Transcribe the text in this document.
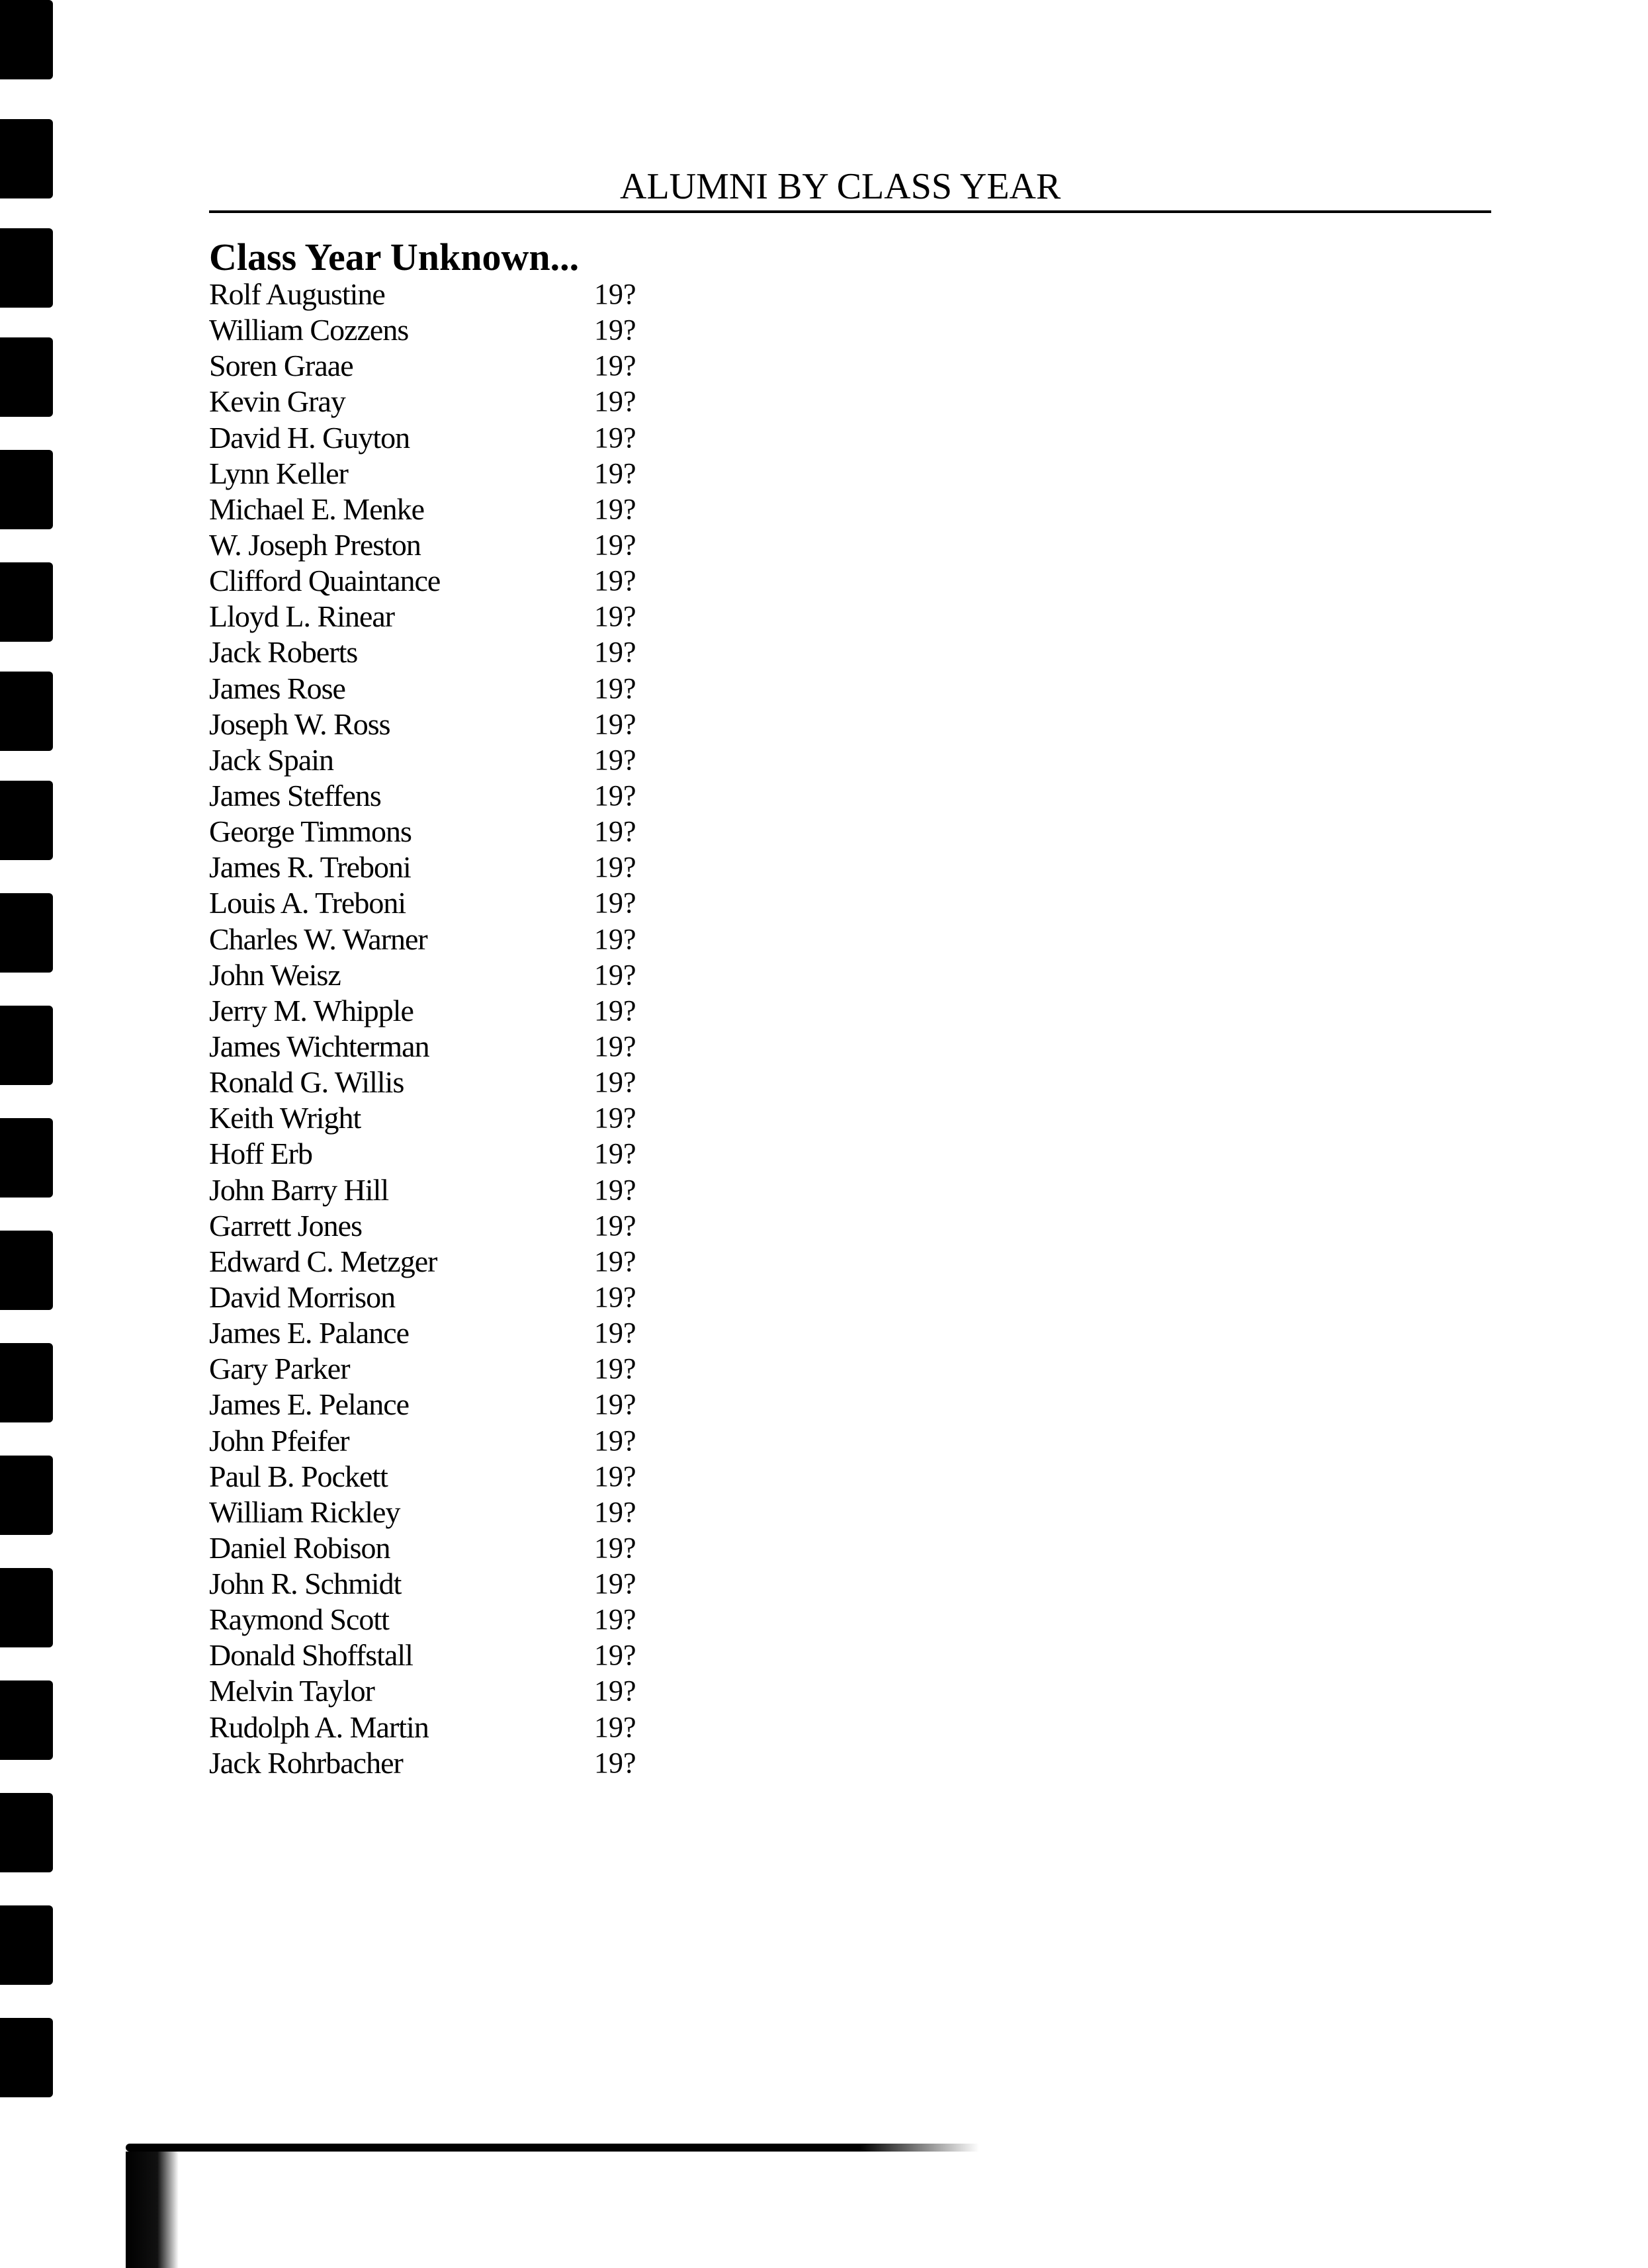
ALUMNI BY CLASS YEAR
Class Year Unknown...
Rolf Augustine	19?
William Cozzens	19?
Soren Graae	19?
Kevin Gray	19?
David H. Guyton	19?
Lynn Keller	19?
Michael E. Menke	19?
W. Joseph Preston	19?
Clifford Quaintance	19?
Lloyd L. Rinear	19?
Jack Roberts	19?
James Rose	19?
Joseph W. Ross	19?
Jack Spain	19?
James Steffens	19?
George Timmons	19?
James R. Treboni	19?
Louis A. Treboni	19?
Charles W. Warner	19?
John Weisz	19?
Jerry M. Whipple	19?
James Wichterman	19?
Ronald G. Willis	19?
Keith Wright	19?
Hoff Erb	19?
John Barry Hill	19?
Garrett Jones	19?
Edward C. Metzger	19?
David Morrison	19?
James E. Palance	19?
Gary Parker	19?
James E. Pelance	19?
John Pfeifer	19?
Paul B. Pockett	19?
William Rickley	19?
Daniel Robison	19?
John R. Schmidt	19?
Raymond Scott	19?
Donald Shoffstall	19?
Melvin Taylor	19?
Rudolph A. Martin	19?
Jack Rohrbacher	19?
